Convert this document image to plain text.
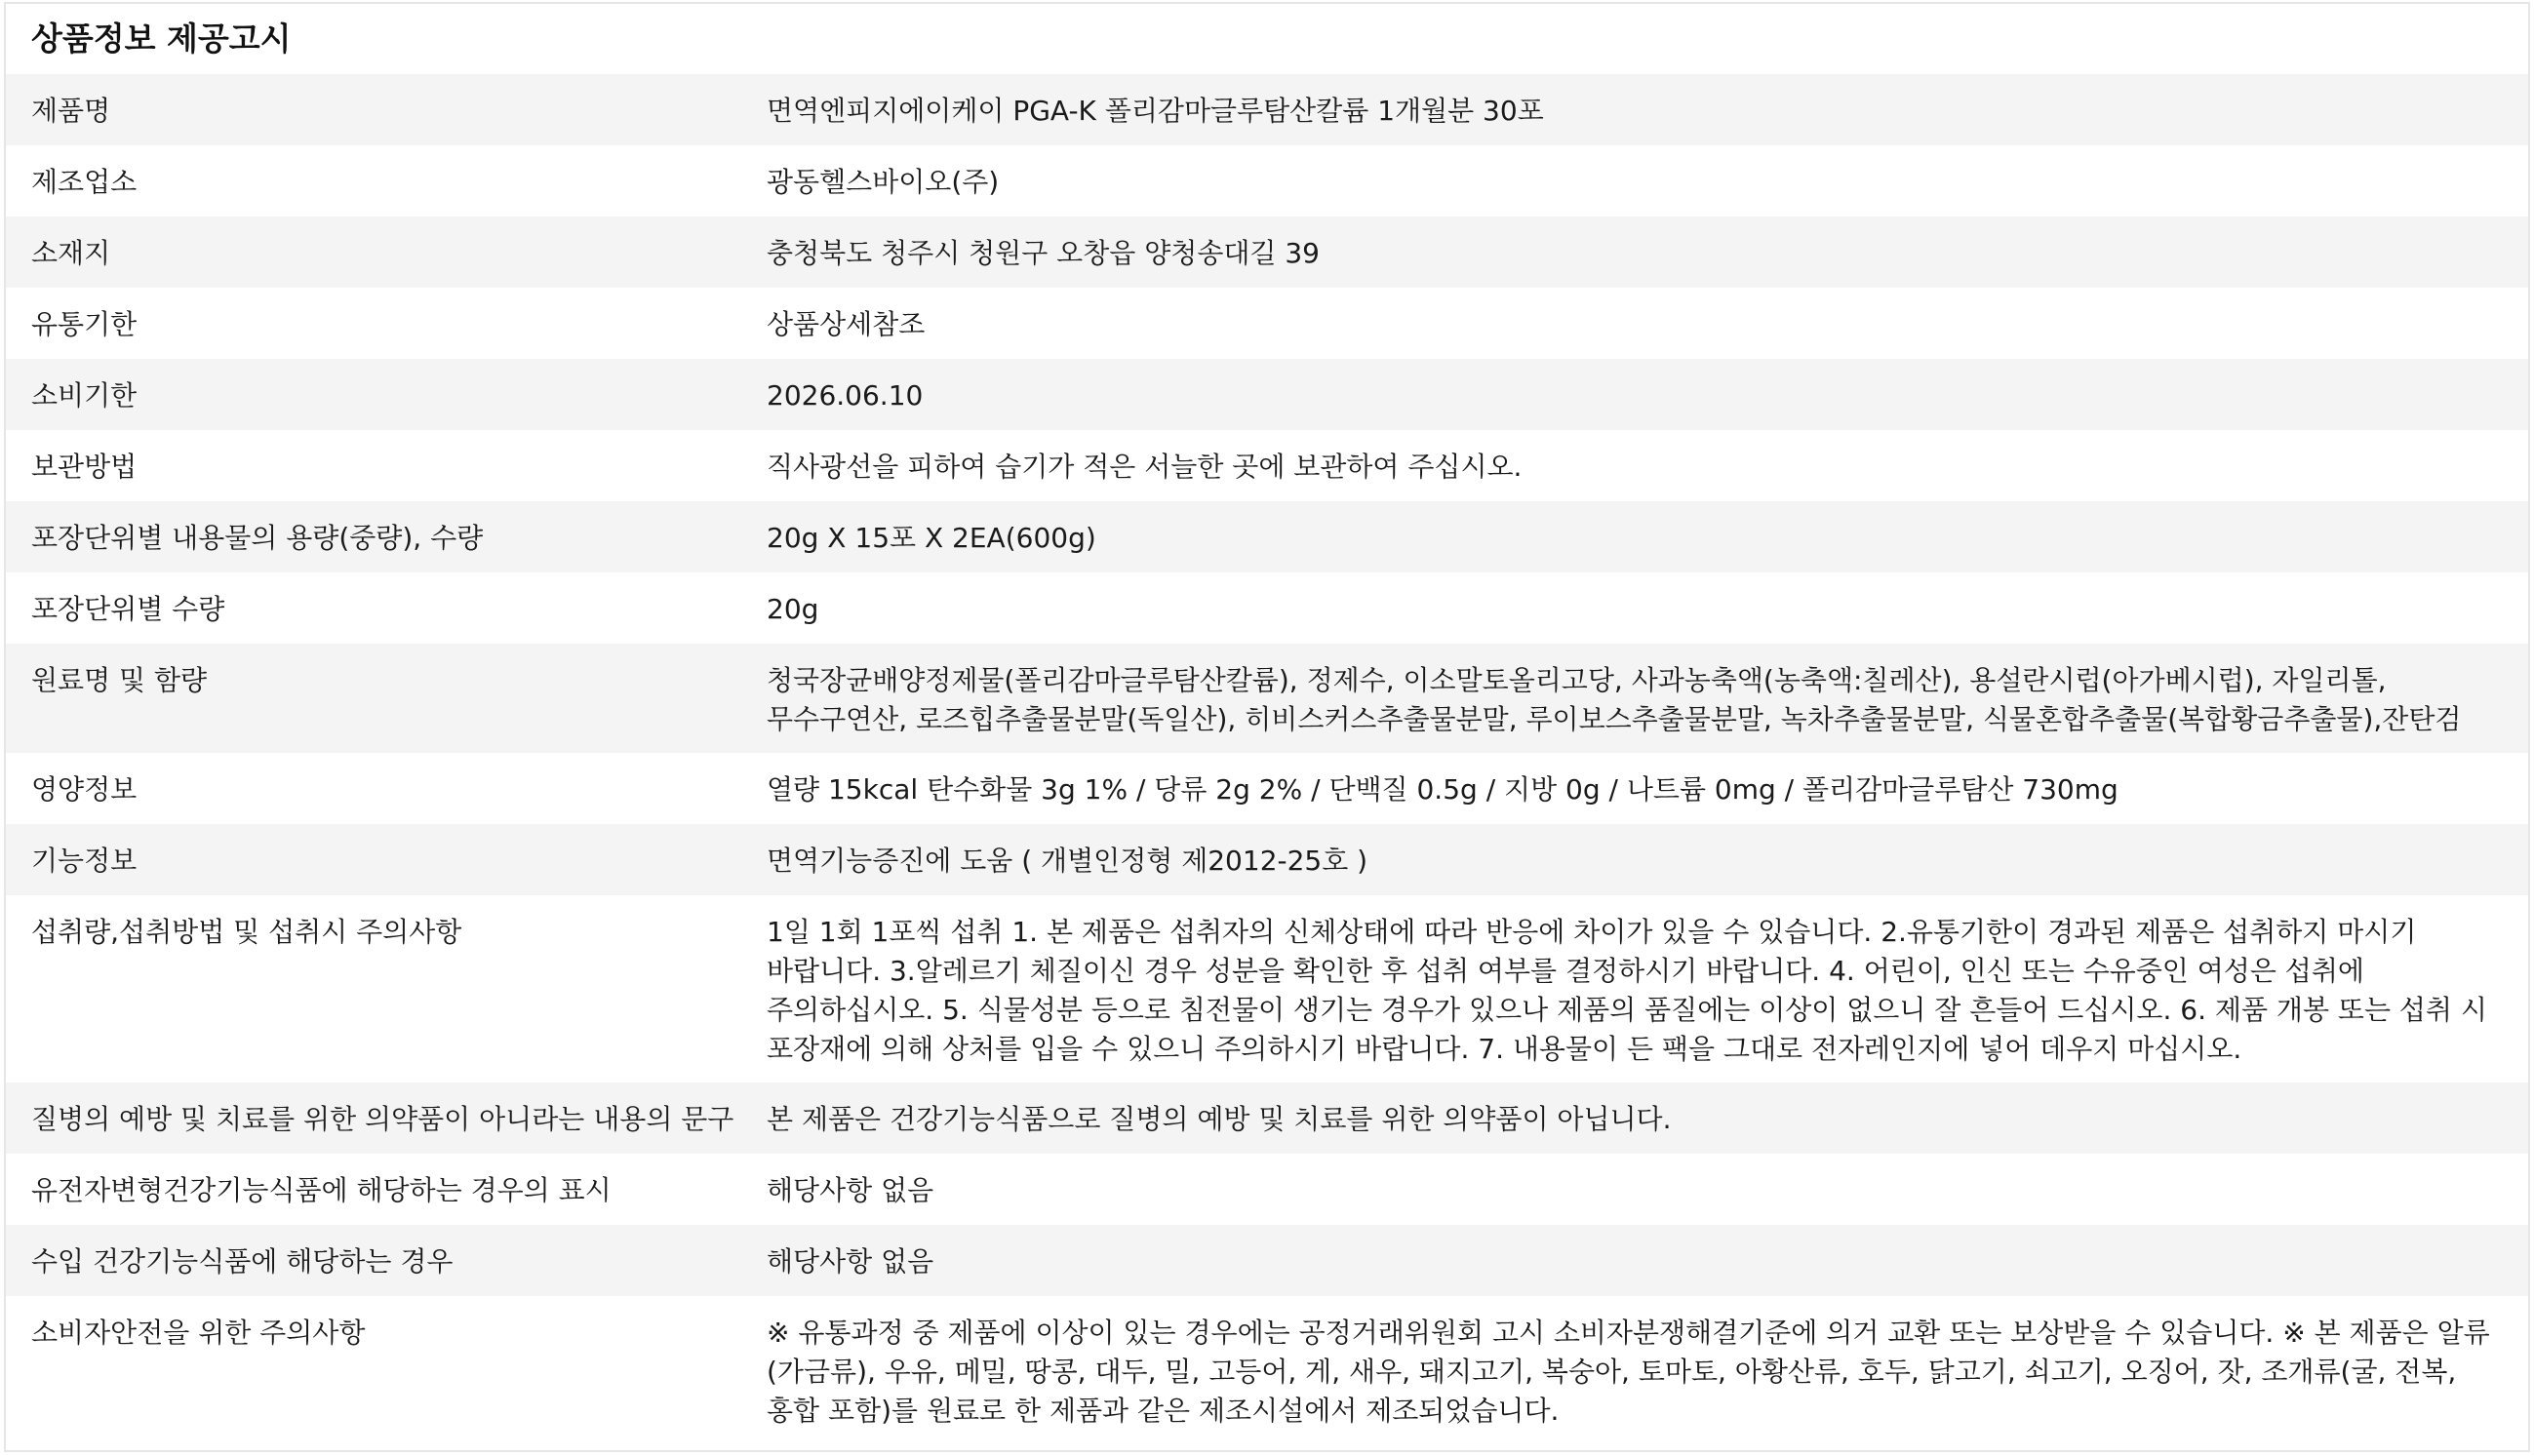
상품정보 제공고시
제품명	면역엔피지에이케이 PGA-K 폴리감마글루탐산칼륨 1개월분 30포
제조업소	광동헬스바이오(주)
소재지	충청북도 청주시 청원구 오창읍 양청송대길 39
유통기한	상품상세참조
소비기한	2026.06.10
보관방법	직사광선을 피하여 습기가 적은 서늘한 곳에 보관하여 주십시오.
포장단위별 내용물의 용량(중량), 수량	20g X 15포 X 2EA(600g)
포장단위별 수량	20g
원료명 및 함량	청국장균배양정제물(폴리감마글루탐산칼륨), 정제수, 이소말토올리고당, 사과농축액(농축액:칠레산), 용설란시럽(아가베시럽), 자일리톨, 무수구연산, 로즈힙추출물분말(독일산), 히비스커스추출물분말, 루이보스추출물분말, 녹차추출물분말, 식물혼합추출물(복합황금추출물),잔탄검
영양정보	열량 15kcal 탄수화물 3g 1% / 당류 2g 2% / 단백질 0.5g / 지방 0g / 나트륨 0mg / 폴리감마글루탐산 730mg
기능정보	면역기능증진에 도움 ( 개별인정형 제2012-25호 )
섭취량,섭취방법 및 섭취시 주의사항	1일 1회 1포씩 섭취 1. 본 제품은 섭취자의 신체상태에 따라 반응에 차이가 있을 수 있습니다. 2.유통기한이 경과된 제품은 섭취하지 마시기 바랍니다. 3.알레르기 체질이신 경우 성분을 확인한 후 섭취 여부를 결정하시기 바랍니다. 4. 어린이, 인신 또는 수유중인 여성은 섭취에 주의하십시오. 5. 식물성분 등으로 침전물이 생기는 경우가 있으나 제품의 품질에는 이상이 없으니 잘 흔들어 드십시오. 6. 제품 개봉 또는 섭취 시 포장재에 의해 상처를 입을 수 있으니 주의하시기 바랍니다. 7. 내용물이 든 팩을 그대로 전자레인지에 넣어 데우지 마십시오.
질병의 예방 및 치료를 위한 의약품이 아니라는 내용의 문구	본 제품은 건강기능식품으로 질병의 예방 및 치료를 위한 의약품이 아닙니다.
유전자변형건강기능식품에 해당하는 경우의 표시	해당사항 없음
수입 건강기능식품에 해당하는 경우	해당사항 없음
소비자안전을 위한 주의사항	※ 유통과정 중 제품에 이상이 있는 경우에는 공정거래위원회 고시 소비자분쟁해결기준에 의거 교환 또는 보상받을 수 있습니다. ※ 본 제품은 알류(가금류), 우유, 메밀, 땅콩, 대두, 밀, 고등어, 게, 새우, 돼지고기, 복숭아, 토마토, 아황산류, 호두, 닭고기, 쇠고기, 오징어, 잣, 조개류(굴, 전복, 홍합 포함)를 원료로 한 제품과 같은 제조시설에서 제조되었습니다.
